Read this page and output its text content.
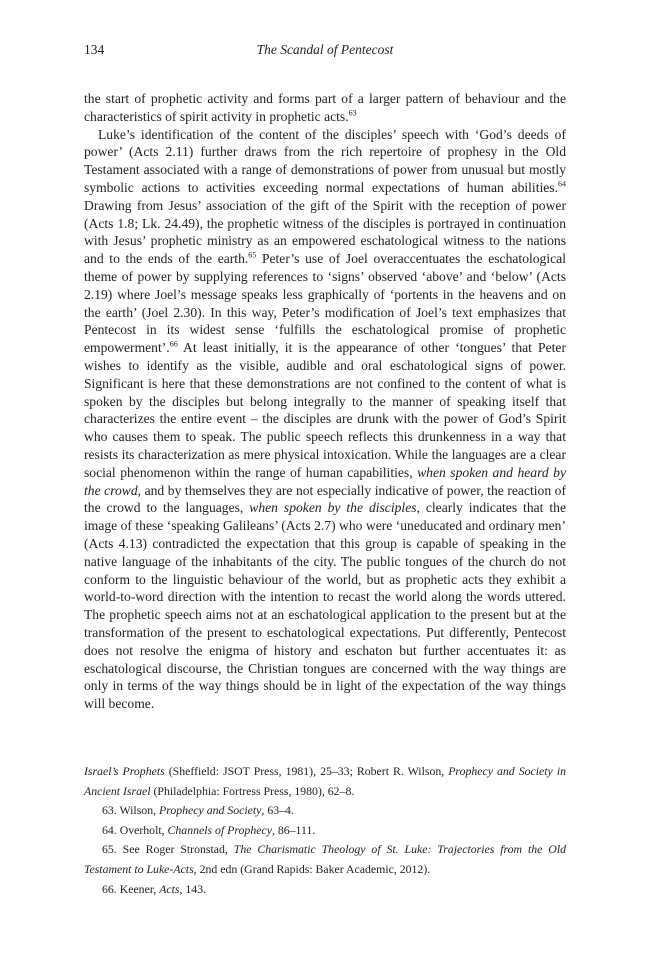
134	The Scandal of Pentecost

the start of prophetic activity and forms part of a larger pattern of behaviour and the characteristics of spirit activity in prophetic acts.$^{63}$

Luke’s identification of the content of the disciples’ speech with ‘God’s deeds of power’ (Acts 2.11) further draws from the rich repertoire of prophesy in the Old Testament associated with a range of demonstrations of power from unusual but mostly symbolic actions to activities exceeding normal expectations of human abilities.$^{64}$ Drawing from Jesus’ association of the gift of the Spirit with the reception of power (Acts 1.8; Lk. 24.49), the prophetic witness of the disciples is portrayed in continuation with Jesus’ prophetic ministry as an empowered eschatological witness to the nations and to the ends of the earth.$^{65}$ Peter’s use of Joel overaccentuates the eschatological theme of power by supplying references to ‘signs’ observed ‘above’ and ‘below’ (Acts 2.19) where Joel’s message speaks less graphically of ‘portents in the heavens and on the earth’ (Joel 2.30). In this way, Peter’s modification of Joel’s text emphasizes that Pentecost in its widest sense ‘fulfills the eschatological promise of prophetic empowerment’.$^{66}$ At least initially, it is the appearance of other ‘tongues’ that Peter wishes to identify as the visible, audible and oral eschatological signs of power. Significant is here that these demonstrations are not confined to the content of what is spoken by the disciples but belong integrally to the manner of speaking itself that characterizes the entire event – the disciples are drunk with the power of God’s Spirit who causes them to speak. The public speech reflects this drunkenness in a way that resists its characterization as mere physical intoxication. While the languages are a clear social phenomenon within the range of human capabilities, when spoken and heard by the crowd, and by themselves they are not especially indicative of power, the reaction of the crowd to the languages, when spoken by the disciples, clearly indicates that the image of these ‘speaking Galileans’ (Acts 2.7) who were ‘uneducated and ordinary men’ (Acts 4.13) contradicted the expectation that this group is capable of speaking in the native language of the inhabitants of the city. The public tongues of the church do not conform to the linguistic behaviour of the world, but as prophetic acts they exhibit a world-to-word direction with the intention to recast the world along the words uttered. The prophetic speech aims not at an eschatological application to the present but at the transformation of the present to eschatological expectations. Put differently, Pentecost does not resolve the enigma of history and eschaton but further accentuates it: as eschatological discourse, the Christian tongues are concerned with the way things are only in terms of the way things should be in light of the expectation of the way things will become.

Israel’s Prophets (Sheffield: JSOT Press, 1981), 25–33; Robert R. Wilson, Prophecy and Society in Ancient Israel (Philadelphia: Fortress Press, 1980), 62–8.

63. Wilson, Prophecy and Society, 63–4.

64. Overholt, Channels of Prophecy, 86–111.

65. See Roger Stronstad, The Charismatic Theology of St. Luke: Trajectories from the Old Testament to Luke-Acts, 2nd edn (Grand Rapids: Baker Academic, 2012).

66. Keener, Acts, 143.
